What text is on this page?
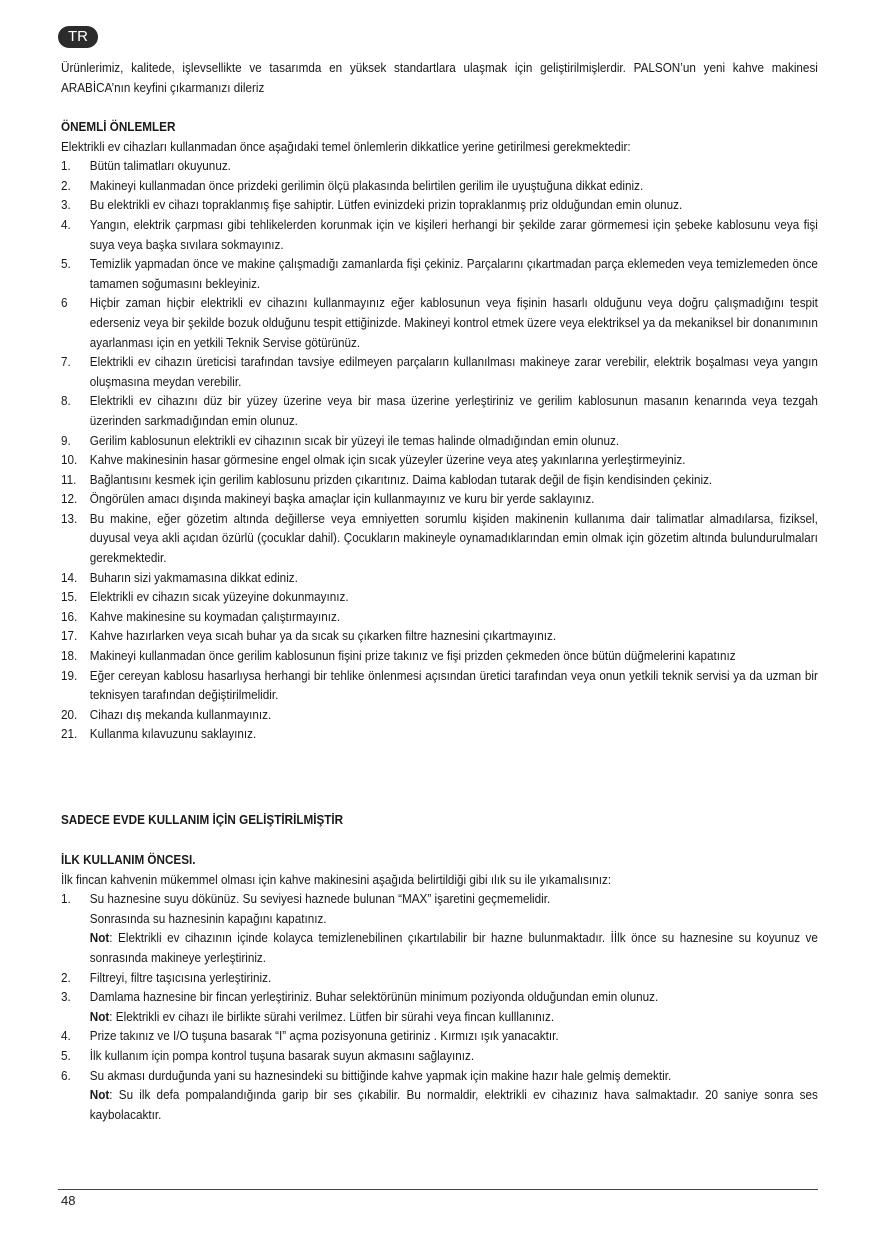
TR

Ürünlerimiz, kalitede, işlevsellikte ve tasarımda en yüksek standartlara ulaşmak için geliştirilmişlerdir. PALSON’un yeni kahve makinesi ARABİCA’nın keyfini çıkarmanızı dileriz

ÖNEMLİ ÖNLEMLER

Elektrikli ev cihazları kullanmadan önce aşağıdaki temel önlemlerin dikkatlice yerine getirilmesi gerekmektedir:

1. Bütün talimatları okuyunuz.
2. Makineyi kullanmadan önce prizdeki gerilimin ölçü plakasında belirtilen gerilim ile uyuştuğuna dikkat ediniz.
3. Bu elektrikli ev cihazı topraklanmış fişe sahiptir. Lütfen evinizdeki prizin topraklanmış priz olduğundan emin olunuz.
4. Yangın, elektrik çarpması gibi tehlikelerden korunmak için ve kişileri herhangi bir şekilde zarar görmemesi için şebeke kablosunu veya fişi suya veya başka sıvılara sokmayınız.
5. Temizlik yapmadan önce ve makine çalışmadığı zamanlarda fişi çekiniz. Parçalarını çıkartmadan parça eklemeden veya temizlemeden önce tamamen soğumasını bekleyiniz.
6 Hiçbir zaman hiçbir elektrikli ev cihazını kullanmayınız eğer kablosunun veya fişinin hasarlı olduğunu veya doğru çalışmadığını tespit ederseniz veya bir şekilde bozuk olduğunu tespit ettiğinizde. Makineyi kontrol etmek üzere veya elektriksel ya da mekaniksel bir donanımının ayarlanması için en yetkili Teknik Servise götürünüz.
7. Elektrikli ev cihazın üreticisi tarafından tavsiye edilmeyen parçaların kullanılması makineye zarar verebilir, elektrik boşalması veya yangın oluşmasına meydan verebilir.
8. Elektrikli ev cihazını düz bir yüzey üzerine veya bir masa üzerine yerleştiriniz ve gerilim kablosunun masanın kenarında veya tezgah üzerinden sarkmadığından emin olunuz.
9. Gerilim kablosunun elektrikli ev cihazının sıcak bir yüzeyi ile temas halinde olmadığından emin olunuz.
10. Kahve makinesinin hasar görmesine engel olmak için sıcak yüzeyler üzerine veya ateş yakınlarına yerleştirmeyiniz.
11. Bağlantısını kesmek için gerilim kablosunu prizden çıkarıtınız. Daima kablodan tutarak değil de fişin kendisinden çekiniz.
12. Öngörülen amacı dışında makineyi başka amaçlar için kullanmayınız ve kuru bir yerde saklayınız.
13. Bu makine, eğer gözetim altında değillerse veya emniyetten sorumlu kişiden makinenin kullanıma dair talimatlar almadılarsa, fiziksel, duyusal veya akli açıdan özürlü (çocuklar dahil). Çocukların makineyle oynamadıklarından emin olmak için gözetim altında bulundurulmaları gerekmektedir.
14. Buharın sizi yakmamasına dikkat ediniz.
15. Elektrikli ev cihazın sıcak yüzeyine dokunmayınız.
16. Kahve makinesine su koymadan çalıştırmayınız.
17. Kahve hazırlarken veya sıcah buhar ya da sıcak su çıkarken filtre haznesini çıkartmayınız.
18. Makineyi kullanmadan önce gerilim kablosunun fişini prize takınız ve fişi prizden çekmeden önce bütün düğmelerini kapatınız
19. Eğer cereyan kablosu hasarlıysa herhangi bir tehlike önlenmesi açısından üretici tarafından veya onun yetkili teknik servisi ya da uzman bir teknisyen tarafından değiştirilmelidir.
20. Cihazı dış mekanda kullanmayınız.
21. Kullanma kılavuzunu saklayınız.
SADECE EVDE KULLANIM İÇİN GELİŞTİRİLMİŞTİR
İLK KULLANIM ÖNCESI.

İlk fincan kahvenin mükemmel olması için kahve makinesini aşağıda belirtildiği gibi ılık su ile yıkamalısınız:

1. Su haznesine suyu dökünüz. Su seviyesi haznede bulunan “MAX” işaretini geçmemelidir.
Sonrasında su haznesinin kapağını kapatınız.
Not: Elektrikli ev cihazının içinde kolayca temizlenebilinen çıkartılabilir bir hazne bulunmaktadır. İİlk önce su haznesine su koyunuz ve sonrasında makineye yerleştiriniz.
2. Filtreyi, filtre taşıcısına yerleştiriniz.
3. Damlama haznesine bir fincan yerleştiriniz. Buhar selektörünün minimum poziyonda olduğundan emin olunuz.
Not: Elektrikli ev cihazı ile birlikte sürahi verilmez. Lütfen bir sürahi veya fincan kulllanınız.
4. Prize takınız ve I/O tuşuna basarak “I” açma pozisyonuna getiriniz . Kırmızı ışık yanacaktır.
5. İlk kullanım için pompa kontrol tuşuna basarak suyun akmasını sağlayınız.
6. Su akması durduğunda yani su haznesindeki su bittiğinde kahve yapmak için makine hazır hale gelmiş demektir.
Not: Su ilk defa pompalandığında garip bir ses çıkabilir. Bu normaldir, elektrikli ev cihazınız hava salmaktadır. 20 saniye sonra ses kaybolacaktır.
48
